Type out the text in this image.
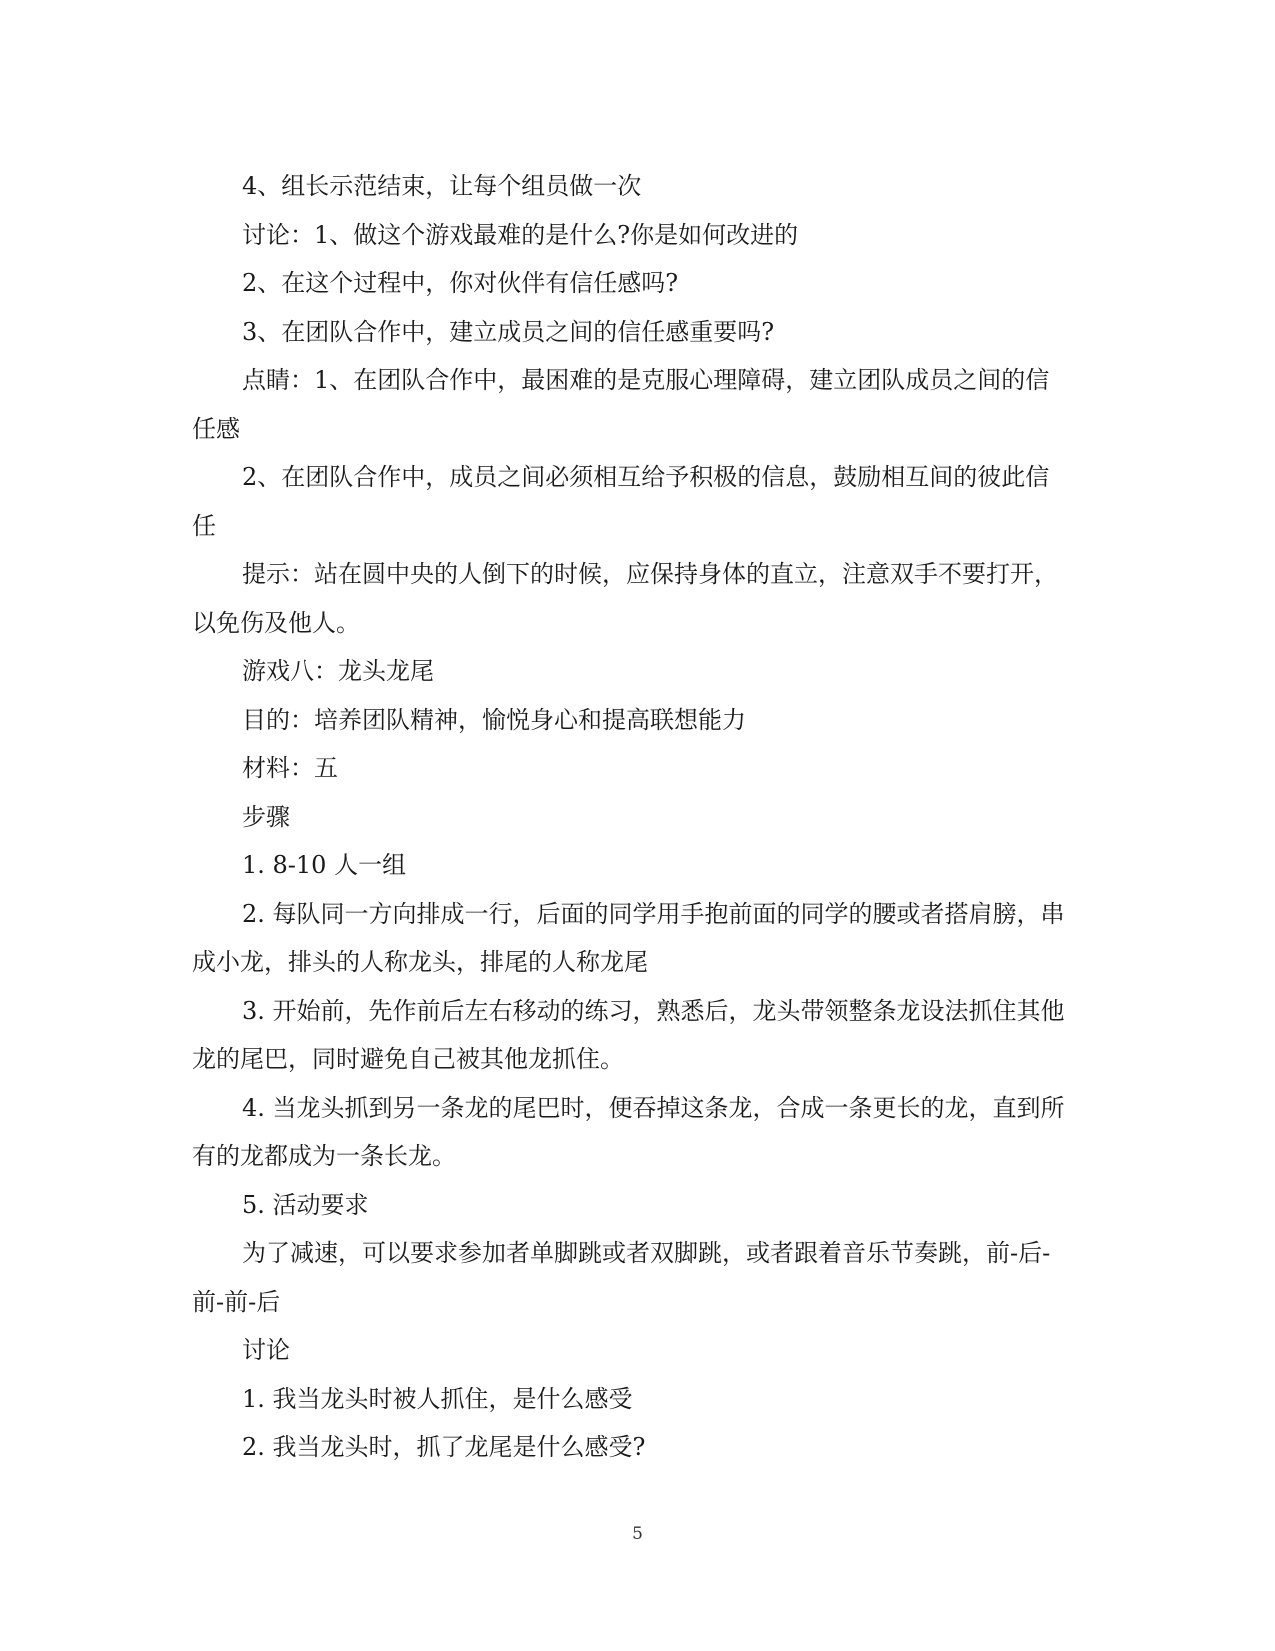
4、组长示范结束，让每个组员做一次

讨论：1、做这个游戏最难的是什么?你是如何改进的

2、在这个过程中，你对伙伴有信任感吗?

3、在团队合作中，建立成员之间的信任感重要吗?

点睛：1、在团队合作中，最困难的是克服心理障碍，建立团队成员之间的信任感

2、在团队合作中，成员之间必须相互给予积极的信息，鼓励相互间的彼此信任

提示：站在圆中央的人倒下的时候，应保持身体的直立，注意双手不要打开，以免伤及他人。

游戏八：龙头龙尾

目的：培养团队精神，愉悦身心和提高联想能力

材料：五

步骤

1. 8-10 人一组

2. 每队同一方向排成一行，后面的同学用手抱前面的同学的腰或者搭肩膀，串成小龙，排头的人称龙头，排尾的人称龙尾

3. 开始前，先作前后左右移动的练习，熟悉后，龙头带领整条龙设法抓住其他龙的尾巴，同时避免自己被其他龙抓住。

4. 当龙头抓到另一条龙的尾巴时，便吞掉这条龙，合成一条更长的龙，直到所有的龙都成为一条长龙。

5. 活动要求

为了减速，可以要求参加者单脚跳或者双脚跳，或者跟着音乐节奏跳，前-后-前-前-后

讨论

1. 我当龙头时被人抓住，是什么感受

2. 我当龙头时，抓了龙尾是什么感受?

5
